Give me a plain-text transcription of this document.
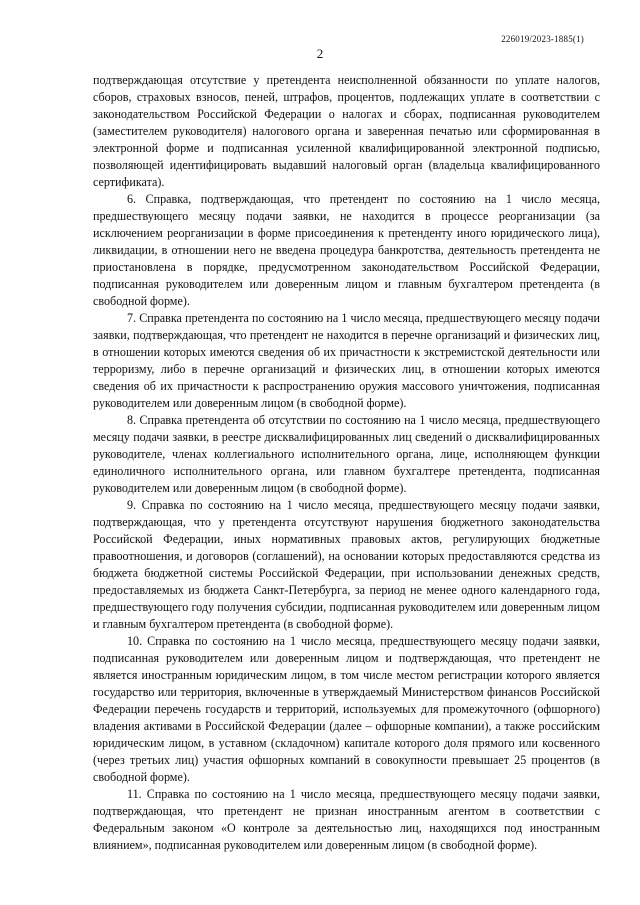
226019/2023-1885(1)
2

подтверждающая отсутствие у претендента неисполненной обязанности по уплате налогов, сборов, страховых взносов, пеней, штрафов, процентов, подлежащих уплате в соответствии с законодательством Российской Федерации о налогах и сборах, подписанная руководителем (заместителем руководителя) налогового органа и заверенная печатью или сформированная в электронной форме и подписанная усиленной квалифицированной электронной подписью, позволяющей идентифицировать выдавший налоговый орган (владельца квалифицированного сертификата).

6. Справка, подтверждающая, что претендент по состоянию на 1 число месяца, предшествующего месяцу подачи заявки, не находится в процессе реорганизации (за исключением реорганизации в форме присоединения к претенденту иного юридического лица), ликвидации, в отношении него не введена процедура банкротства, деятельность претендента не приостановлена в порядке, предусмотренном законодательством Российской Федерации, подписанная руководителем или доверенным лицом и главным бухгалтером претендента (в свободной форме).

7. Справка претендента по состоянию на 1 число месяца, предшествующего месяцу подачи заявки, подтверждающая, что претендент не находится в перечне организаций и физических лиц, в отношении которых имеются сведения об их причастности к экстремистской деятельности или терроризму, либо в перечне организаций и физических лиц, в отношении которых имеются сведения об их причастности к распространению оружия массового уничтожения, подписанная руководителем или доверенным лицом (в свободной форме).

8. Справка претендента об отсутствии по состоянию на 1 число месяца, предшествующего месяцу подачи заявки, в реестре дисквалифицированных лиц сведений о дисквалифицированных руководителе, членах коллегиального исполнительного органа, лице, исполняющем функции единоличного исполнительного органа, или главном бухгалтере претендента, подписанная руководителем или доверенным лицом (в свободной форме).

9. Справка по состоянию на 1 число месяца, предшествующего месяцу подачи заявки, подтверждающая, что у претендента отсутствуют нарушения бюджетного законодательства Российской Федерации, иных нормативных правовых актов, регулирующих бюджетные правоотношения, и договоров (соглашений), на основании которых предоставляются средства из бюджета бюджетной системы Российской Федерации, при использовании денежных средств, предоставляемых из бюджета Санкт-Петербурга, за период не менее одного календарного года, предшествующего году получения субсидии, подписанная руководителем или доверенным лицом и главным бухгалтером претендента (в свободной форме).

10. Справка по состоянию на 1 число месяца, предшествующего месяцу подачи заявки, подписанная руководителем или доверенным лицом и подтверждающая, что претендент не является иностранным юридическим лицом, в том числе местом регистрации которого является государство или территория, включенные в утверждаемый Министерством финансов Российской Федерации перечень государств и территорий, используемых для промежуточного (офшорного) владения активами в Российской Федерации (далее – офшорные компании), а также российским юридическим лицом, в уставном (складочном) капитале которого доля прямого или косвенного (через третьих лиц) участия офшорных компаний в совокупности превышает 25 процентов (в свободной форме).

11. Справка по состоянию на 1 число месяца, предшествующего месяцу подачи заявки, подтверждающая, что претендент не признан иностранным агентом в соответствии с Федеральным законом «О контроле за деятельностью лиц, находящихся под иностранным влиянием», подписанная руководителем или доверенным лицом (в свободной форме).
